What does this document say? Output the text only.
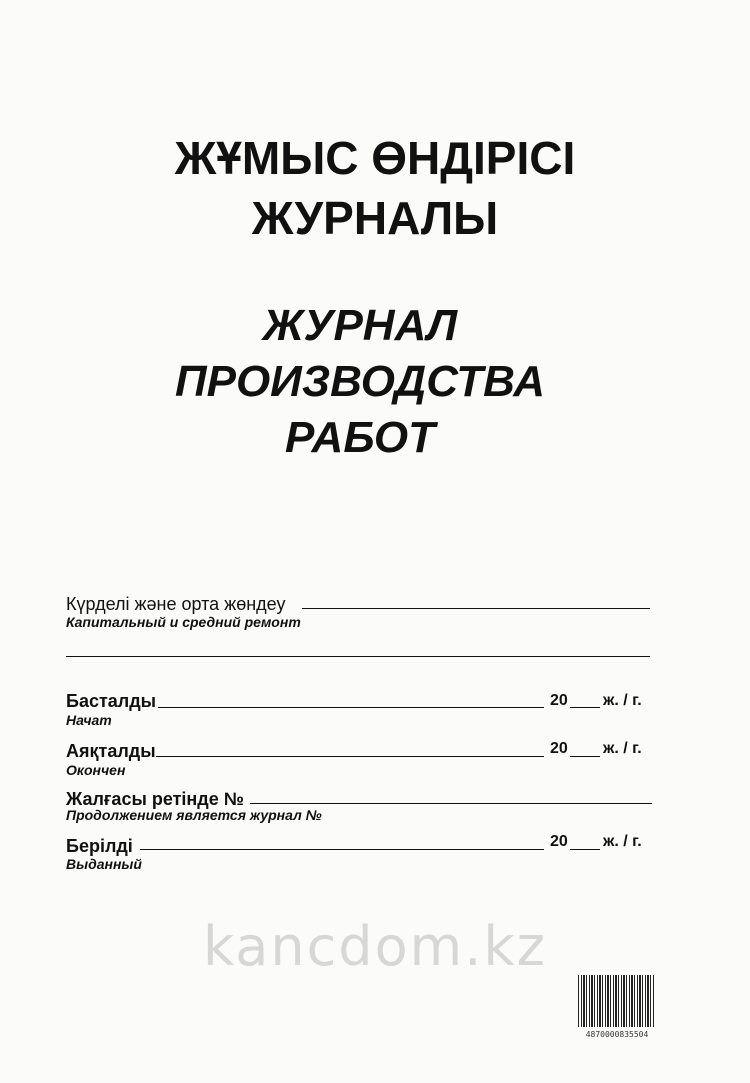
ЖҰМЫС ӨНДІРІСІ
ЖУРНАЛЫ
ЖУРНАЛ
ПРОИЗВОДСТВА
РАБОТ
Күрделі және орта жөндеу
Капитальный и средний ремонт
Басталды	20 ж. / г.
Начат
Аяқталды	20 ж. / г.
Окончен
Жалғасы ретінде №
Продолжением является журнал №
Берілді	20 ж. / г.
Выданный
kancdom.kz
4870000835504
